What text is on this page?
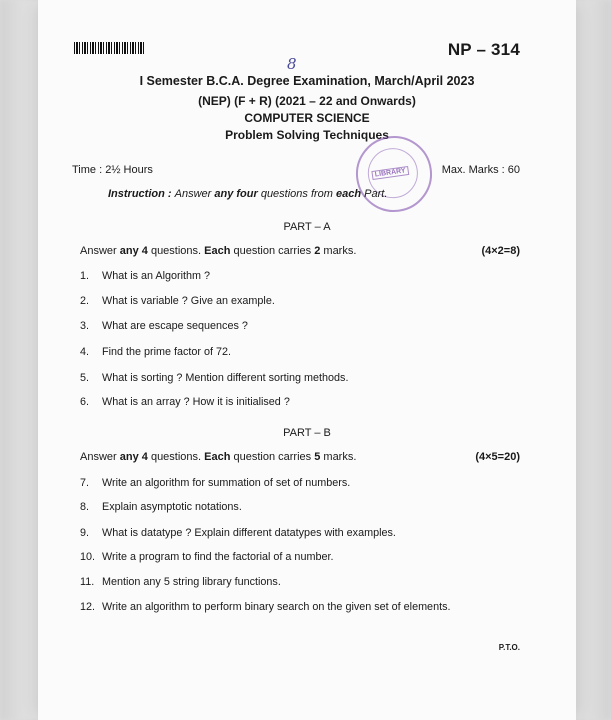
NP – 314
8
I Semester B.C.A. Degree Examination, March/April 2023
(NEP) (F + R) (2021 – 22 and Onwards)
COMPUTER SCIENCE
Problem Solving Techniques
LIBRARY
Time : 2½ Hours	Max. Marks : 60
Instruction : Answer any four questions from each Part.
PART – A
Answer any 4 questions. Each question carries 2 marks.	(4×2=8)
1. What is an Algorithm ?
2. What is variable ? Give an example.
3. What are escape sequences ?
4. Find the prime factor of 72.
5. What is sorting ? Mention different sorting methods.
6. What is an array ? How it is initialised ?
PART – B
Answer any 4 questions. Each question carries 5 marks.	(4×5=20)
7. Write an algorithm for summation of set of numbers.
8. Explain asymptotic notations.
9. What is datatype ? Explain different datatypes with examples.
10. Write a program to find the factorial of a number.
11. Mention any 5 string library functions.
12. Write an algorithm to perform binary search on the given set of elements.
P.T.O.
